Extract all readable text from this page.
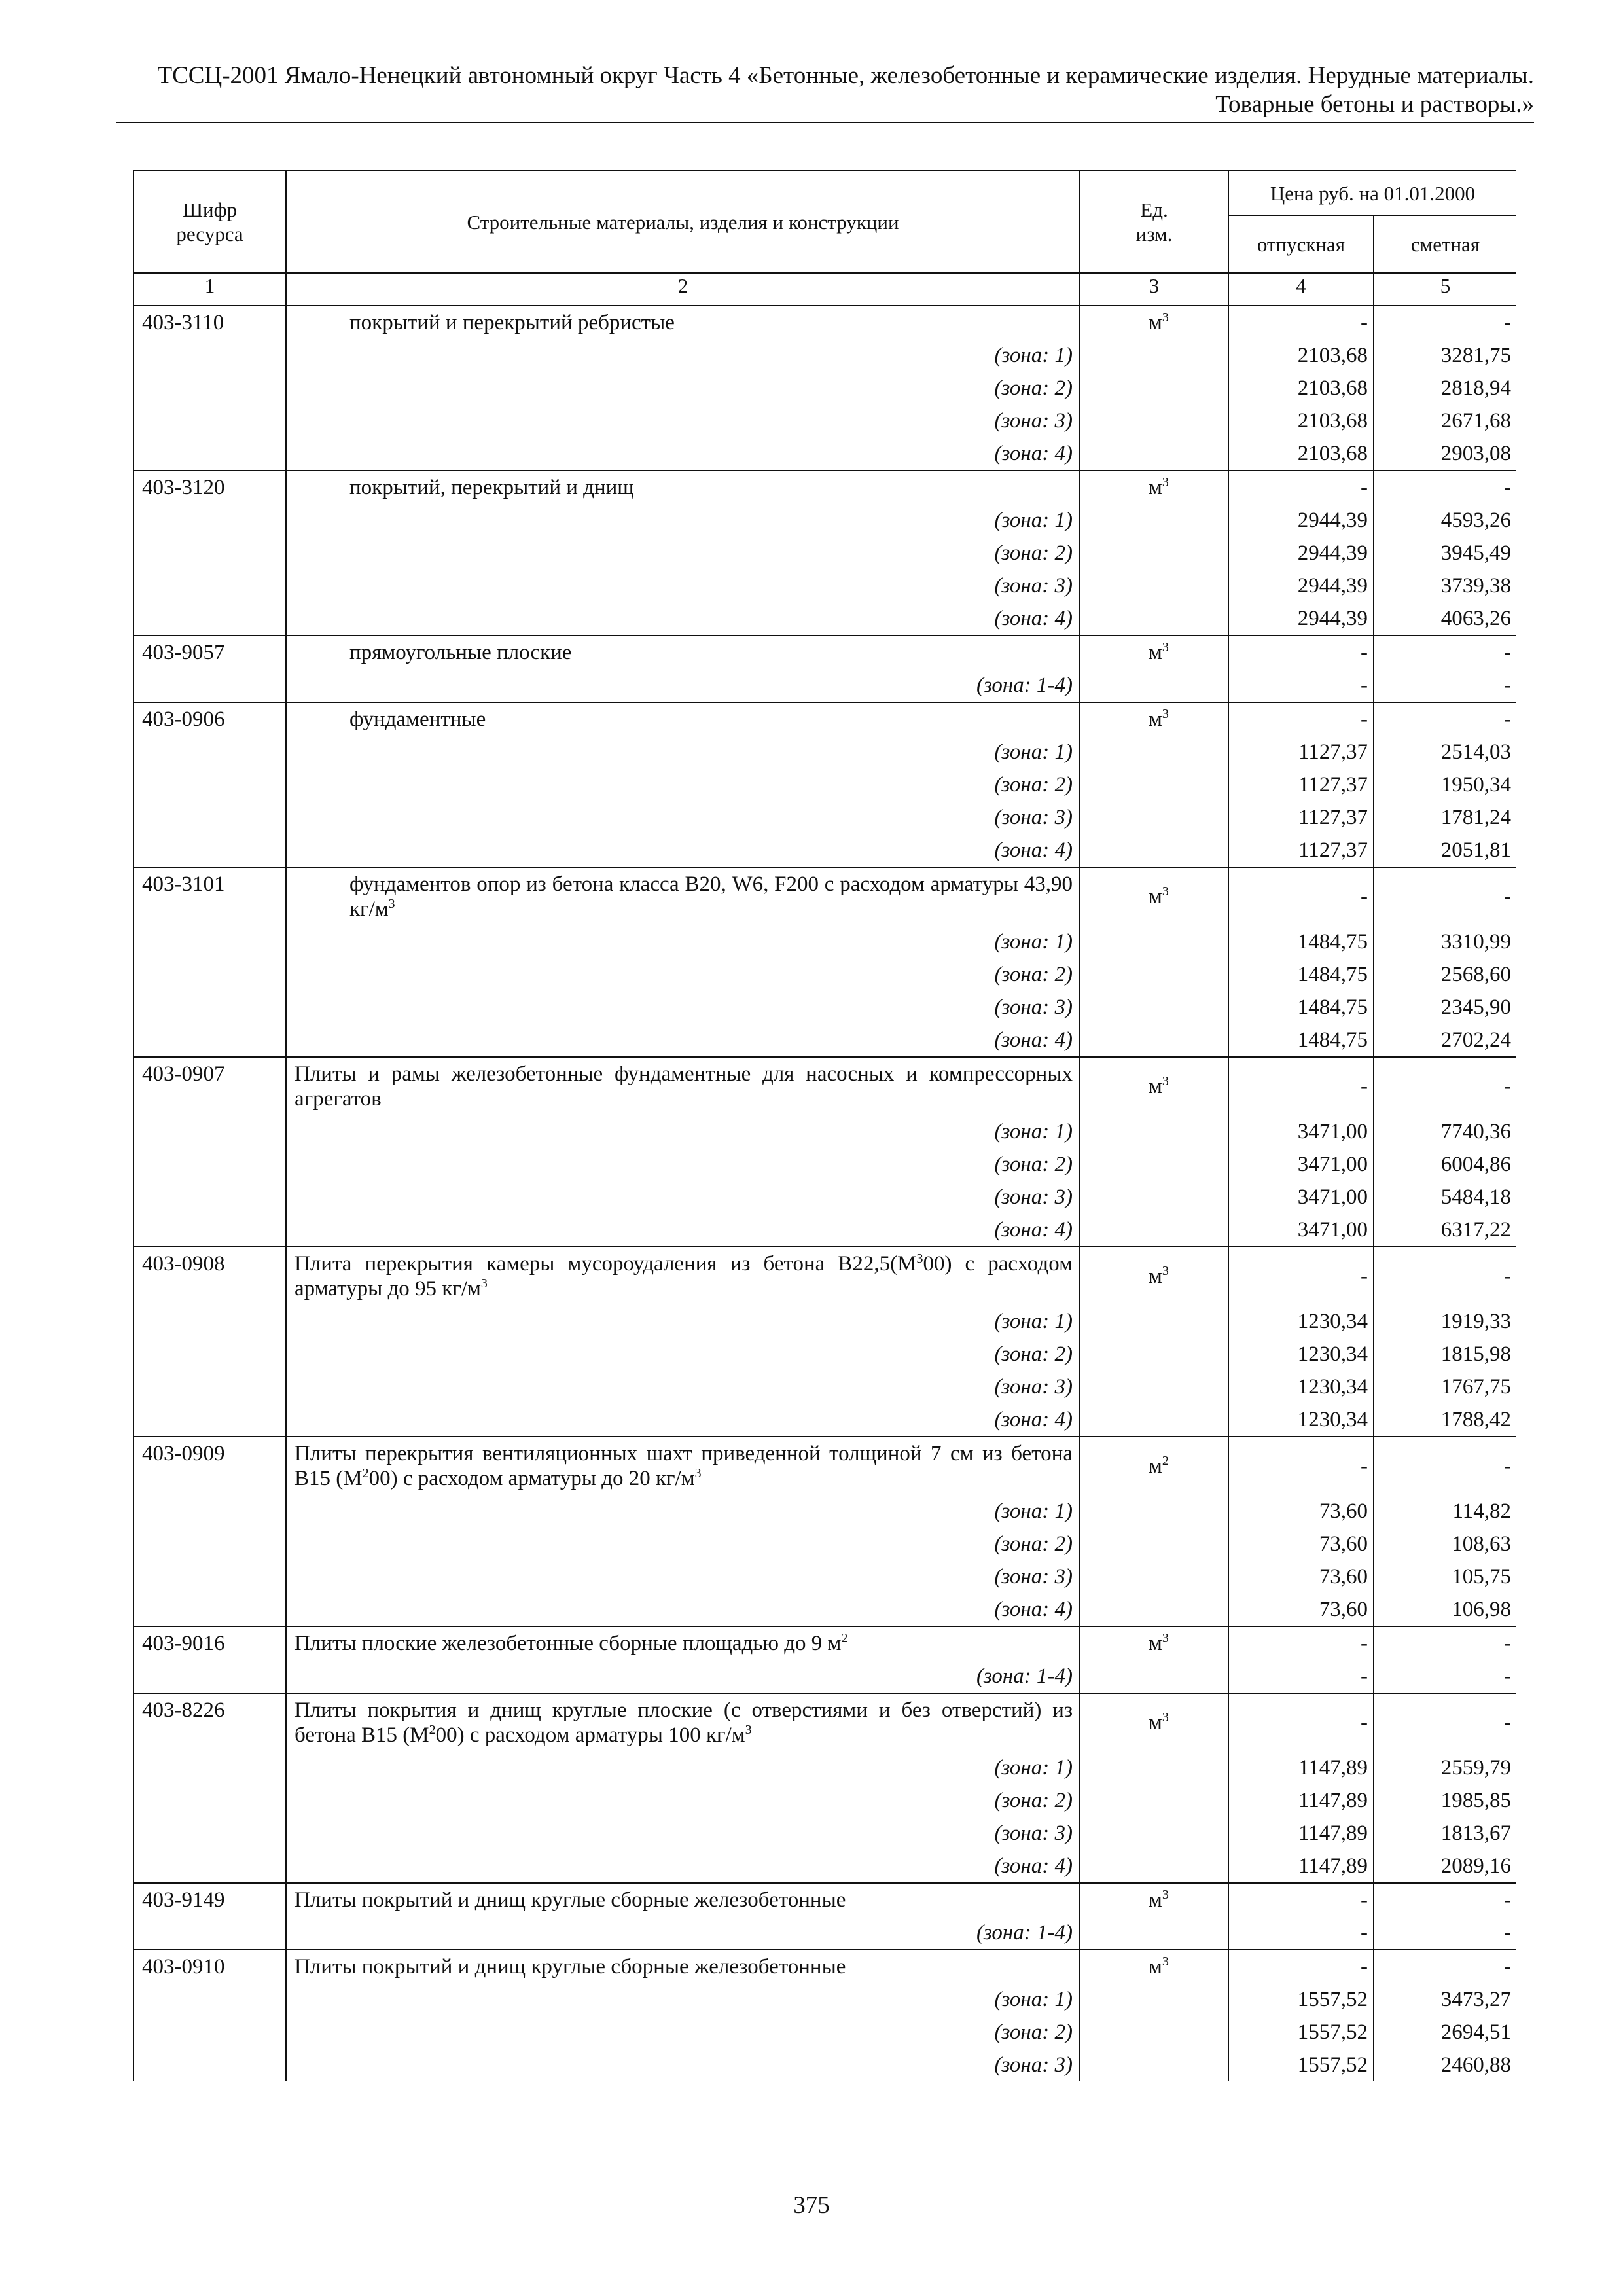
ТССЦ-2001 Ямало-Ненецкий автономный округ Часть 4 «Бетонные, железобетонные и керамические изделия. Нерудные материалы.
Товарные бетоны и растворы.»
Шифр ресурса	Строительные материалы, изделия и конструкции	Ед. изм.	Цена руб. на 01.01.2000	
			отпускная	сметная
1	2	3	4	5
403-3110	покрытий и перекрытий ребристые	$м^3$	-	-
	(зона: 1)		2103,68	3281,75
	(зона: 2)		2103,68	2818,94
	(зона: 3)		2103,68	2671,68
	(зона: 4)		2103,68	2903,08
403-3120	покрытий, перекрытий и днищ	$м^3$	-	-
	(зона: 1)		2944,39	4593,26
	(зона: 2)		2944,39	3945,49
	(зона: 3)		2944,39	3739,38
	(зона: 4)		2944,39	4063,26
403-9057	прямоугольные плоские	$м^3$	-	-
	(зона: 1-4)		-	-
403-0906	фундаментные	$м^3$	-	-
	(зона: 1)		1127,37	2514,03
	(зона: 2)		1127,37	1950,34
	(зона: 3)		1127,37	1781,24
	(зона: 4)		1127,37	2051,81
403-3101	фундаментов опор из бетона класса В20, W6, F200 с расходом арматуры 43,90 $кг/м^3$	$м^3$	-	-
	(зона: 1)		1484,75	3310,99
	(зона: 2)		1484,75	2568,60
	(зона: 3)		1484,75	2345,90
	(зона: 4)		1484,75	2702,24
403-0907	Плиты и рамы железобетонные фундаментные для насосных и компрессорных агрегатов	$м^3$	-	-
	(зона: 1)		3471,00	7740,36
	(зона: 2)		3471,00	6004,86
	(зона: 3)		3471,00	5484,18
	(зона: 4)		3471,00	6317,22
403-0908	Плита перекрытия камеры мусороудаления из бетона $В22,5(М^300)$ с расходом арматуры до 95 $кг/м^3$	$м^3$	-	-
	(зона: 1)		1230,34	1919,33
	(зона: 2)		1230,34	1815,98
	(зона: 3)		1230,34	1767,75
	(зона: 4)		1230,34	1788,42
403-0909	Плиты перекрытия вентиляционных шахт приведенной толщиной 7 см из бетона В15 $(М^200)$ с расходом арматуры до 20 $кг/м^3$	$м^2$	-	-
	(зона: 1)		73,60	114,82
	(зона: 2)		73,60	108,63
	(зона: 3)		73,60	105,75
	(зона: 4)		73,60	106,98
403-9016	Плиты плоские железобетонные сборные площадью до 9 $м^2$	$м^3$	-	-
	(зона: 1-4)		-	-
403-8226	Плиты покрытия и днищ круглые плоские (с отверстиями и без отверстий) из бетона В15 $(М^200)$ с расходом арматуры 100 $кг/м^3$	$м^3$	-	-
	(зона: 1)		1147,89	2559,79
	(зона: 2)		1147,89	1985,85
	(зона: 3)		1147,89	1813,67
	(зона: 4)		1147,89	2089,16
403-9149	Плиты покрытий и днищ круглые сборные железобетонные	$м^3$	-	-
	(зона: 1-4)		-	-
403-0910	Плиты покрытий и днищ круглые сборные железобетонные	$м^3$	-	-
	(зона: 1)		1557,52	3473,27
	(зона: 2)		1557,52	2694,51
	(зона: 3)		1557,52	2460,88
375
